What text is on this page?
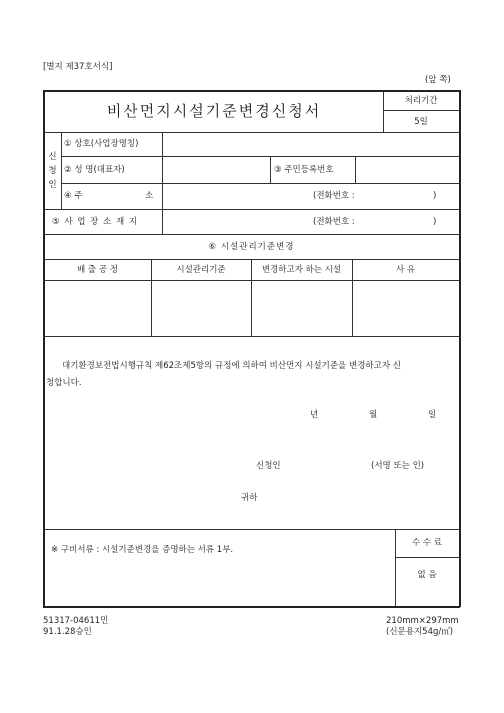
[별지 제37호서식]
(앞 쪽)
비산먼지시설기준변경신청서
처리기간
5일
신
청
인
① 상호(사업장명칭)
② 성 명(대표자)	③ 주민등록번호
④ 주	소	(전화번호 :	)
⑤ 사 업 장 소 재 지	(전화번호 :	)
⑥ 시설관리기준변경
배 출 공 정	시설관리기준	변경하고자 하는 시설	사 유
대기환경보전법시행규칙 제62조제5항의 규정에 의하여 비산먼지 시설기준을 변경하고자 신
청합니다.
년	월	일
신청인	(서명 또는 인)
귀하
※ 구비서류 : 시설기준변경을 증명하는 서류 1부.
수 수 료
없 음
51317-04611민
91.1.28승인
210mm×297mm
(신문용지54g/㎡)
